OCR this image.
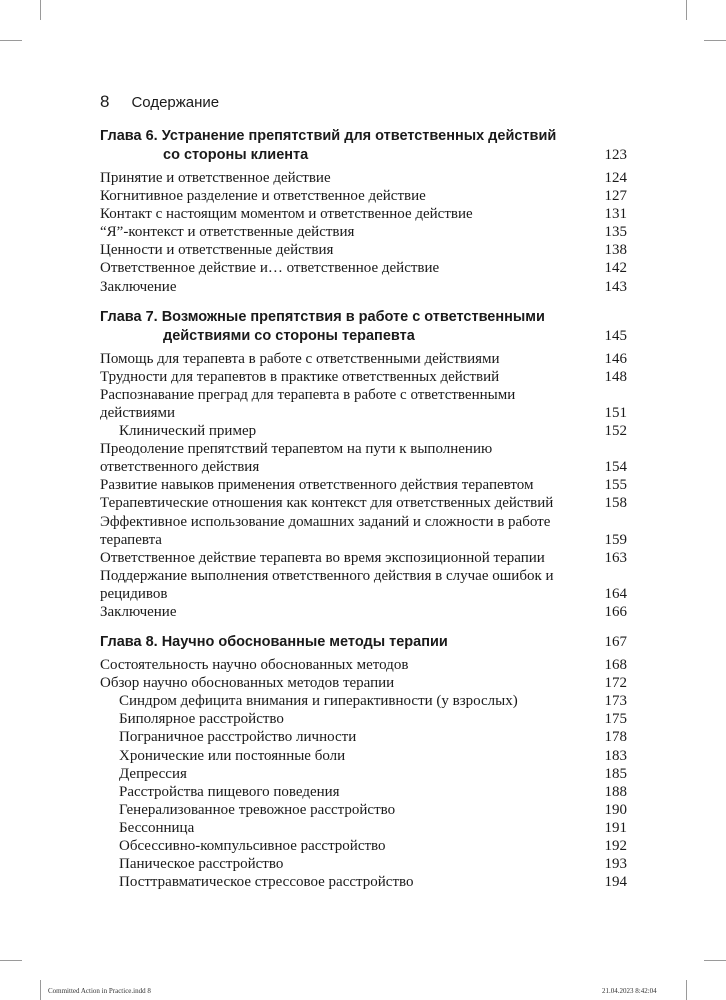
8 Содержание
Глава 6. Устранение препятствий для ответственных действий
со стороны клиента	123
Принятие и ответственное действие	124
Когнитивное разделение и ответственное действие	127
Контакт с настоящим моментом и ответственное действие	131
“Я”-контекст и ответственные действия	135
Ценности и ответственные действия	138
Ответственное действие и… ответственное действие	142
Заключение	143
Глава 7. Возможные препятствия в работе с ответственными
действиями со стороны терапевта	145
Помощь для терапевта в работе с ответственными действиями	146
Трудности для терапевтов в практике ответственных действий	148
Распознавание преград для терапевта в работе с ответственными
действиями	151
Клинический пример	152
Преодоление препятствий терапевтом на пути к выполнению
ответственного действия	154
Развитие навыков применения ответственного действия терапевтом	155
Терапевтические отношения как контекст для ответственных действий	158
Эффективное использование домашних заданий и сложности в работе
терапевта	159
Ответственное действие терапевта во время экспозиционной терапии	163
Поддержание выполнения ответственного действия в случае ошибок и
рецидивов	164
Заключение	166
Глава 8. Научно обоснованные методы терапии	167
Состоятельность научно обоснованных методов	168
Обзор научно обоснованных методов терапии	172
Синдром дефицита внимания и гиперактивности (у взрослых)	173
Биполярное расстройство	175
Пограничное расстройство личности	178
Хронические или постоянные боли	183
Депрессия	185
Расстройства пищевого поведения	188
Генерализованное тревожное расстройство	190
Бессонница	191
Обсессивно-компульсивное расстройство	192
Паническое расстройство	193
Посттравматическое стрессовое расстройство	194
Committed Action in Practice.indd 8	21.04.2023 8:42:04
